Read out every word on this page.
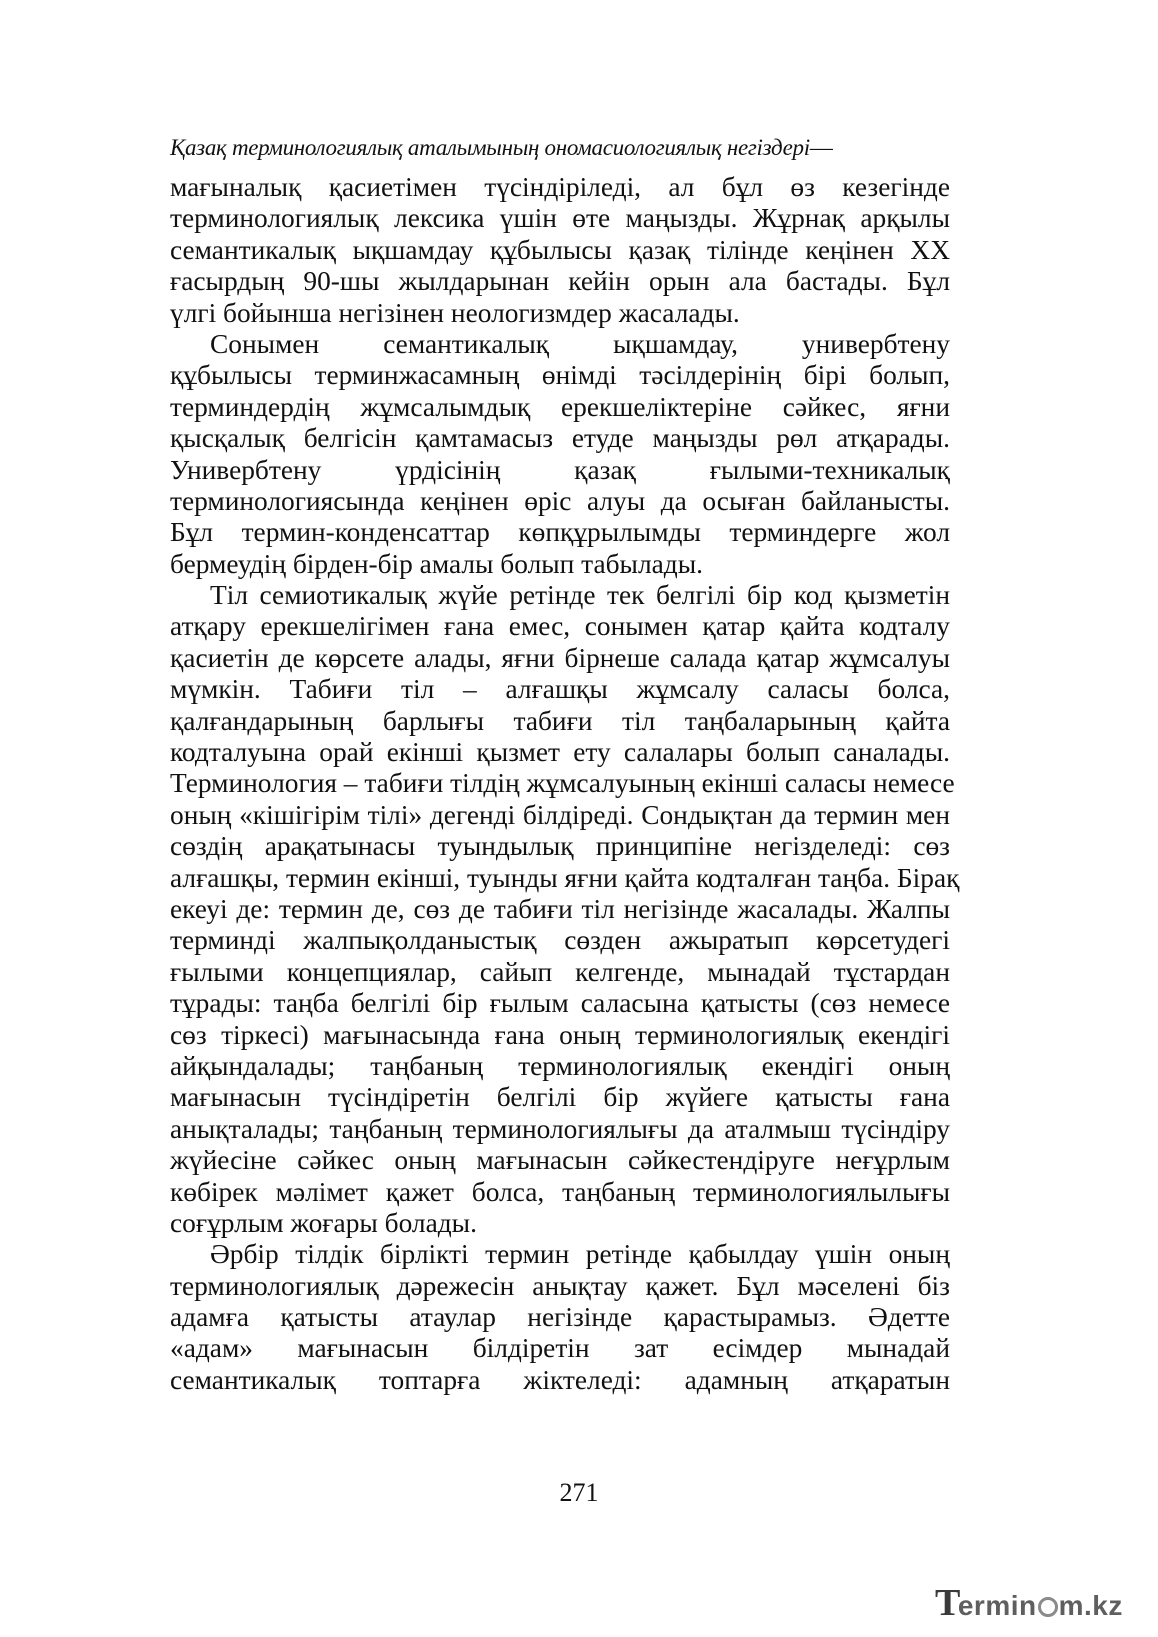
Қазақ терминологиялық аталымының ономасиологиялық негіздері—
мағыналық қасиетімен түсіндіріледі, ал бұл өз кезегінде
терминологиялық лексика үшін өте маңызды. Жұрнақ арқылы
семантикалық ықшамдау құбылысы қазақ тілінде кеңінен ХХ
ғасырдың 90-шы жылдарынан кейін орын ала бастады. Бұл
үлгі бойынша негізінен неологизмдер жасалады.
Сонымен семантикалық ықшамдау, универбтену
құбылысы терминжасамның өнімді тәсілдерінің бірі болып,
терминдердің жұмсалымдық ерекшеліктеріне сәйкес, яғни
қысқалық белгісін қамтамасыз етуде маңызды рөл атқарады.
Универбтену үрдісінің қазақ ғылыми-техникалық
терминологиясында кеңінен өріс алуы да осыған байланысты.
Бұл термин-конденсаттар көпқұрылымды терминдерге жол
бермеудің бірден-бір амалы болып табылады.
Тіл семиотикалық жүйе ретінде тек белгілі бір код қызметін
атқару ерекшелігімен ғана емес, сонымен қатар қайта кодталу
қасиетін де көрсете алады, яғни бірнеше салада қатар жұмсалуы
мүмкін. Табиғи тіл – алғашқы жұмсалу саласы болса,
қалғандарының барлығы табиғи тіл таңбаларының қайта
кодталуына орай екінші қызмет ету салалары болып саналады.
Терминология – табиғи тілдің жұмсалуының екінші саласы немесе
оның «кішігірім тілі» дегенді білдіреді. Сондықтан да термин мен
сөздің арақатынасы туындылық принципіне негізделеді: сөз
алғашқы, термин екінші, туынды яғни қайта кодталған таңба. Бірақ
екеуі де: термин де, сөз де табиғи тіл негізінде жасалады. Жалпы
терминді жалпықолданыстық сөзден ажыратып көрсетудегі
ғылыми концепциялар, сайып келгенде, мынадай тұстардан
тұрады: таңба белгілі бір ғылым саласына қатысты (сөз немесе
сөз тіркесі) мағынасында ғана оның терминологиялық екендігі
айқындалады; таңбаның терминологиялық екендігі оның
мағынасын түсіндіретін белгілі бір жүйеге қатысты ғана
анықталады; таңбаның терминологиялығы да аталмыш түсіндіру
жүйесіне сәйкес оның мағынасын сәйкестендіруге неғұрлым
көбірек мәлімет қажет болса, таңбаның терминологиялылығы
соғұрлым жоғары болады.
Әрбір тілдік бірлікті термин ретінде қабылдау үшін оның
терминологиялық дәрежесін анықтау қажет. Бұл мәселені біз
адамға қатысты атаулар негізінде қарастырамыз. Әдетте
«адам» мағынасын білдіретін зат есімдер мынадай
семантикалық топтарға жіктеледі: адамның атқаратын
271
T
ermin m.kz
